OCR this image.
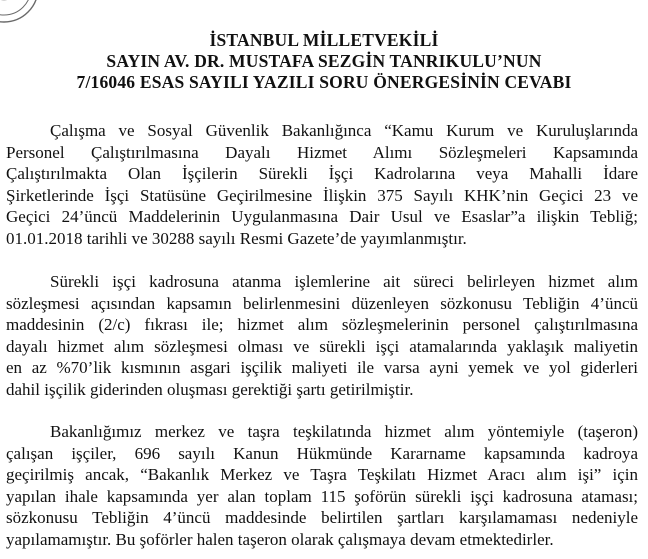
İSTANBUL MİLLETVEKİLİ
SAYIN AV. DR. MUSTAFA SEZGİN TANRIKULU’NUN
7/16046 ESAS SAYILI YAZILI SORU ÖNERGESİNİN CEVABI
Çalışma ve Sosyal Güvenlik Bakanlığınca “Kamu Kurum ve Kuruluşlarında
Personel Çalıştırılmasına Dayalı Hizmet Alımı Sözleşmeleri Kapsamında
Çalıştırılmakta Olan İşçilerin Sürekli İşçi Kadrolarına veya Mahalli İdare
Şirketlerinde İşçi Statüsüne Geçirilmesine İlişkin 375 Sayılı KHK’nin Geçici 23 ve
Geçici 24’üncü Maddelerinin Uygulanmasına Dair Usul ve Esaslar”a ilişkin Tebliğ;
01.01.2018 tarihli ve 30288 sayılı Resmi Gazete’de yayımlanmıştır.
Sürekli işçi kadrosuna atanma işlemlerine ait süreci belirleyen hizmet alım
sözleşmesi açısından kapsamın belirlenmesini düzenleyen sözkonusu Tebliğin 4’üncü
maddesinin (2/c) fıkrası ile; hizmet alım sözleşmelerinin personel çalıştırılmasına
dayalı hizmet alım sözleşmesi olması ve sürekli işçi atamalarında yaklaşık maliyetin
en az %70’lik kısmının asgari işçilik maliyeti ile varsa ayni yemek ve yol giderleri
dahil işçilik giderinden oluşması gerektiği şartı getirilmiştir.
Bakanlığımız merkez ve taşra teşkilatında hizmet alım yöntemiyle (taşeron)
çalışan işçiler, 696 sayılı Kanun Hükmünde Kararname kapsamında kadroya
geçirilmiş ancak, “Bakanlık Merkez ve Taşra Teşkilatı Hizmet Aracı alım işi” için
yapılan ihale kapsamında yer alan toplam 115 şoförün sürekli işçi kadrosuna ataması;
sözkonusu Tebliğin 4’üncü maddesinde belirtilen şartları karşılamaması nedeniyle
yapılamamıştır. Bu şoförler halen taşeron olarak çalışmaya devam etmektedirler.
